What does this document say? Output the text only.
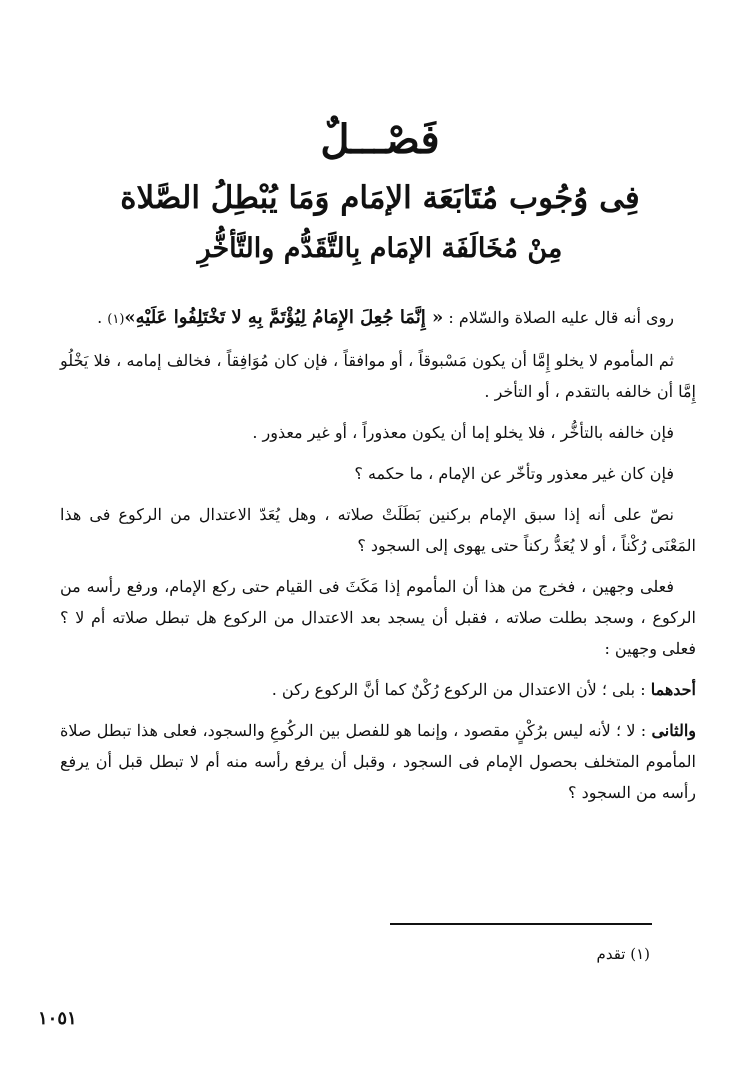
فَصْـــلٌ
فِى وُجُوب مُتَابَعَة الإمَام وَمَا يُبْطِلُ الصَّلاة
مِنْ مُخَالَفَة الإمَام بِالتَّقَدُّم والتَّأخُّرِ

روى أنه قال عليه الصلاة والسّلام : « إِنَّمَا جُعِلَ الإِمَامُ لِيُؤْتَمَّ بِهِ لا تَخْتَلِفُوا عَلَيْهِ»(١) .

ثم المأموم لا يخلو إِمَّا أن يكون مَسْبوقاً ، أو موافقاً ، فإن كان مُوَافِقاً ، فخالف إمامه ، فلا يَخْلُو إِمَّا أن خالفه بالتقدم ، أو التأخر .

فإن خالفه بالتأخُّر ، فلا يخلو إما أن يكون معذوراً ، أو غير معذور .

فإن كان غير معذور وتأخّر عن الإمام ، ما حكمه ؟

نصّ على أنه إذا سبق الإمام بركنين بَطَلَتْ صلاته ، وهل يُعَدّ الاعتدال من الركوع فى هذا المَعْنَى رُكْناً ، أو لا يُعَدُّ ركناً حتى يهوى إلى السجود ؟

فعلى وجهين ، فخرج من هذا أن المأموم إذا مَكَثَ فى القيام حتى ركع الإمام، ورفع رأسه من الركوع ، وسجد بطلت صلاته ، فقبل أن يسجد بعد الاعتدال من الركوع هل تبطل صلاته أم لا ؟ فعلى وجهين :

أحدهما : بلى ؛ لأن الاعتدال من الركوع رُكْنٌ كما أنَّ الركوع ركن .

والثانى : لا ؛ لأنه ليس برُكْنٍ مقصود ، وإنما هو للفصل بين الركُوعِ والسجود، فعلى هذا تبطل صلاة المأموم المتخلف بحصول الإمام فى السجود ، وقبل أن يرفع رأسه منه أم لا تبطل قبل أن يرفع رأسه من السجود ؟

(١) تقدم
١٠٥١
